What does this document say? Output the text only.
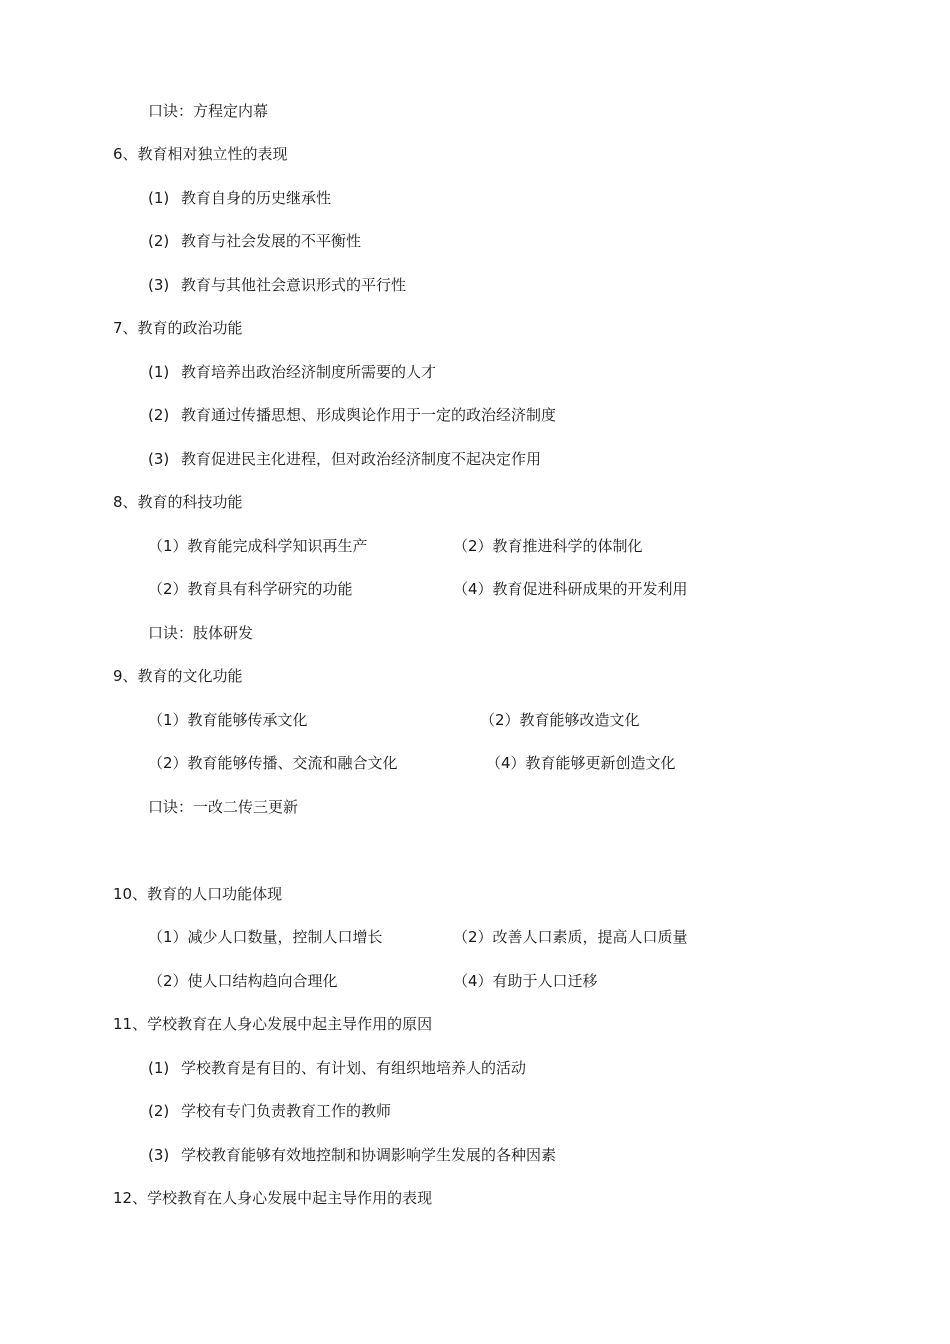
口诀：方程定内幕
6、教育相对独立性的表现
(1) 教育自身的历史继承性
(2) 教育与社会发展的不平衡性
(3) 教育与其他社会意识形式的平行性
7、教育的政治功能
(1) 教育培养出政治经济制度所需要的人才
(2) 教育通过传播思想、形成舆论作用于一定的政治经济制度
(3) 教育促进民主化进程，但对政治经济制度不起决定作用
8、教育的科技功能
（1）教育能完成科学知识再生产	（2）教育推进科学的体制化
（2）教育具有科学研究的功能	（4）教育促进科研成果的开发利用
口诀：肢体研发
9、教育的文化功能
（1）教育能够传承文化	（2）教育能够改造文化
（2）教育能够传播、交流和融合文化	（4）教育能够更新创造文化
口诀：一改二传三更新
10、教育的人口功能体现
（1）减少人口数量，控制人口增长	（2）改善人口素质，提高人口质量
（2）使人口结构趋向合理化	（4）有助于人口迁移
11、学校教育在人身心发展中起主导作用的原因
(1) 学校教育是有目的、有计划、有组织地培养人的活动
(2) 学校有专门负责教育工作的教师
(3) 学校教育能够有效地控制和协调影响学生发展的各种因素
12、学校教育在人身心发展中起主导作用的表现
